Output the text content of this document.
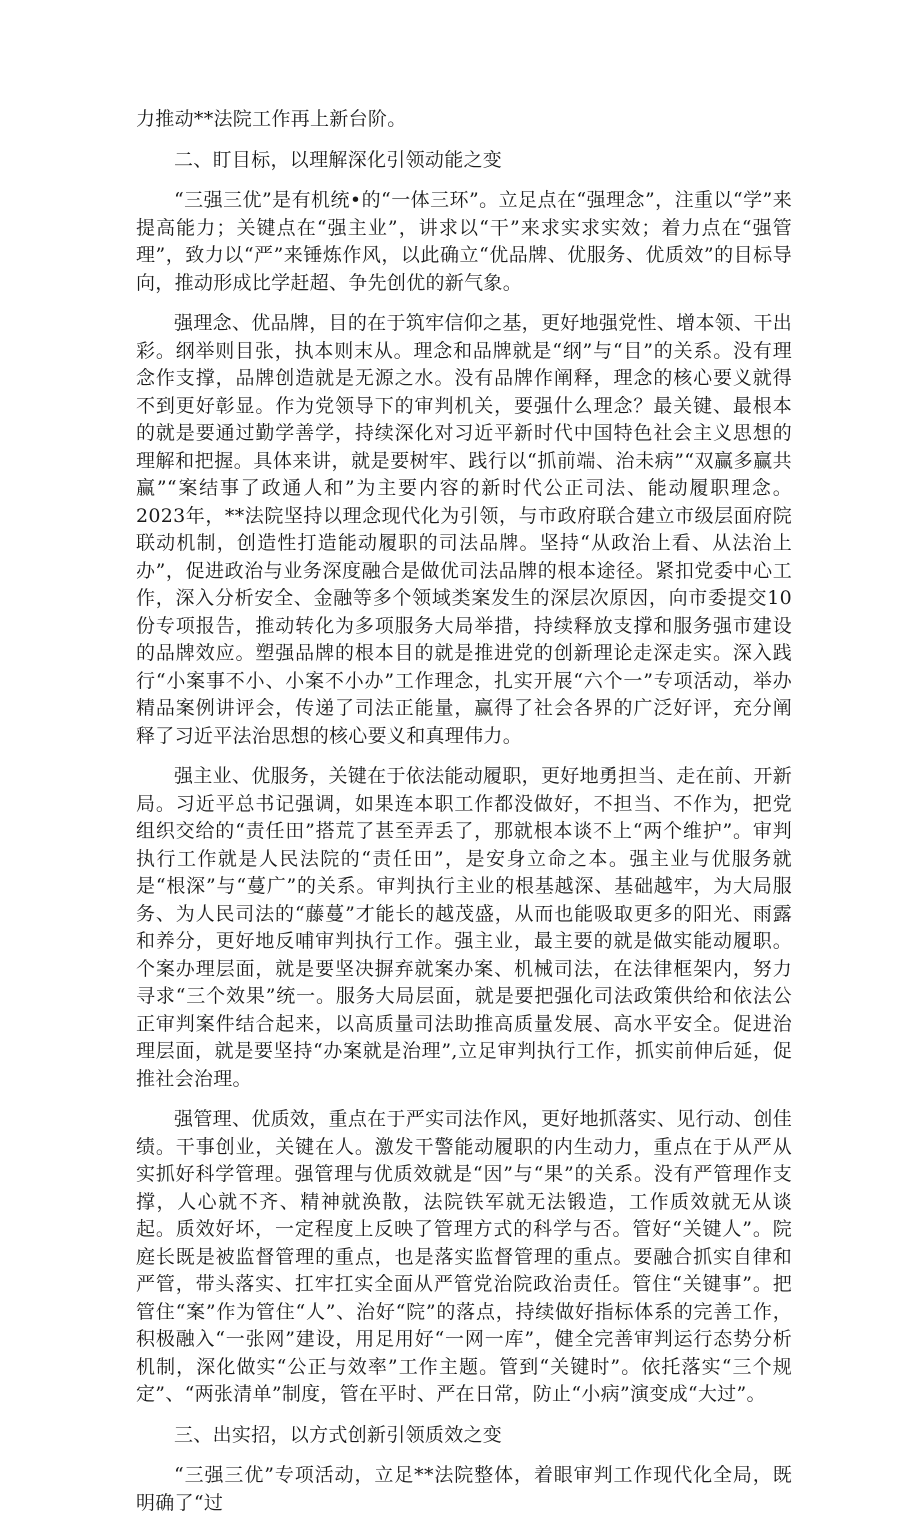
力推动**法院工作再上新台阶。

二、盯目标，以理解深化引领动能之变

“三强三优”是有机统•的“一体三环”。立足点在“强理念”，注重以“学”来提高能力；关键点在“强主业”，讲求以“干”来求实求实效；着力点在“强管理”，致力以“严”来锤炼作风，以此确立“优品牌、优服务、优质效”的目标导向，推动形成比学赶超、争先创优的新气象。

强理念、优品牌，目的在于筑牢信仰之基，更好地强党性、增本领、干出彩。纲举则目张，执本则末从。理念和品牌就是“纲”与“目”的关系。没有理念作支撑，品牌创造就是无源之水。没有品牌作阐释，理念的核心要义就得不到更好彰显。作为党领导下的审判机关，要强什么理念？最关键、最根本的就是要通过勤学善学，持续深化对习近平新时代中国特色社会主义思想的理解和把握。具体来讲，就是要树牢、践行以“抓前端、治未病”“双赢多赢共赢”“案结事了政通人和”为主要内容的新时代公正司法、能动履职理念。2023年，**法院坚持以理念现代化为引领，与市政府联合建立市级层面府院联动机制，创造性打造能动履职的司法品牌。坚持“从政治上看、从法治上办”，促进政治与业务深度融合是做优司法品牌的根本途径。紧扣党委中心工作，深入分析安全、金融等多个领域类案发生的深层次原因，向市委提交10份专项报告，推动转化为多项服务大局举措，持续释放支撑和服务强市建设的品牌效应。塑强品牌的根本目的就是推进党的创新理论走深走实。深入践行“小案事不小、小案不小办”工作理念，扎实开展“六个一”专项活动，举办精品案例讲评会，传递了司法正能量，赢得了社会各界的广泛好评，充分阐释了习近平法治思想的核心要义和真理伟力。

强主业、优服务，关键在于依法能动履职，更好地勇担当、走在前、开新局。习近平总书记强调，如果连本职工作都没做好，不担当、不作为，把党组织交给的“责任田”搭荒了甚至弄丢了，那就根本谈不上“两个维护”。审判执行工作就是人民法院的“责任田”，是安身立命之本。强主业与优服务就是“根深”与“蔓广”的关系。审判执行主业的根基越深、基础越牢，为大局服务、为人民司法的“藤蔓”才能长的越茂盛，从而也能吸取更多的阳光、雨露和养分，更好地反哺审判执行工作。强主业，最主要的就是做实能动履职。个案办理层面，就是要坚决摒弃就案办案、机械司法，在法律框架内，努力寻求“三个效果”统一。服务大局层面，就是要把强化司法政策供给和依法公正审判案件结合起来，以高质量司法助推高质量发展、高水平安全。促进治理层面，就是要坚持“办案就是治理”,立足审判执行工作，抓实前伸后延，促推社会治理。

强管理、优质效，重点在于严实司法作风，更好地抓落实、见行动、创佳绩。干事创业，关键在人。激发干警能动履职的内生动力，重点在于从严从实抓好科学管理。强管理与优质效就是“因”与“果”的关系。没有严管理作支撑，人心就不齐、精神就涣散，法院铁军就无法锻造，工作质效就无从谈起。质效好坏，一定程度上反映了管理方式的科学与否。管好“关键人”。院庭长既是被监督管理的重点，也是落实监督管理的重点。要融合抓实自律和严管，带头落实、扛牢扛实全面从严管党治院政治责任。管住“关键事”。把管住“案”作为管住“人”、治好“院”的落点，持续做好指标体系的完善工作，积极融入“一张网”建设，用足用好“一网一库”，健全完善审判运行态势分析机制，深化做实“公正与效率”工作主题。管到“关键时”。依托落实“三个规定”、“两张清单”制度，管在平时、严在日常，防止“小病”演变成“大过”。

三、出实招，以方式创新引领质效之变

“三强三优”专项活动，立足**法院整体，着眼审判工作现代化全局，既明确了“过
